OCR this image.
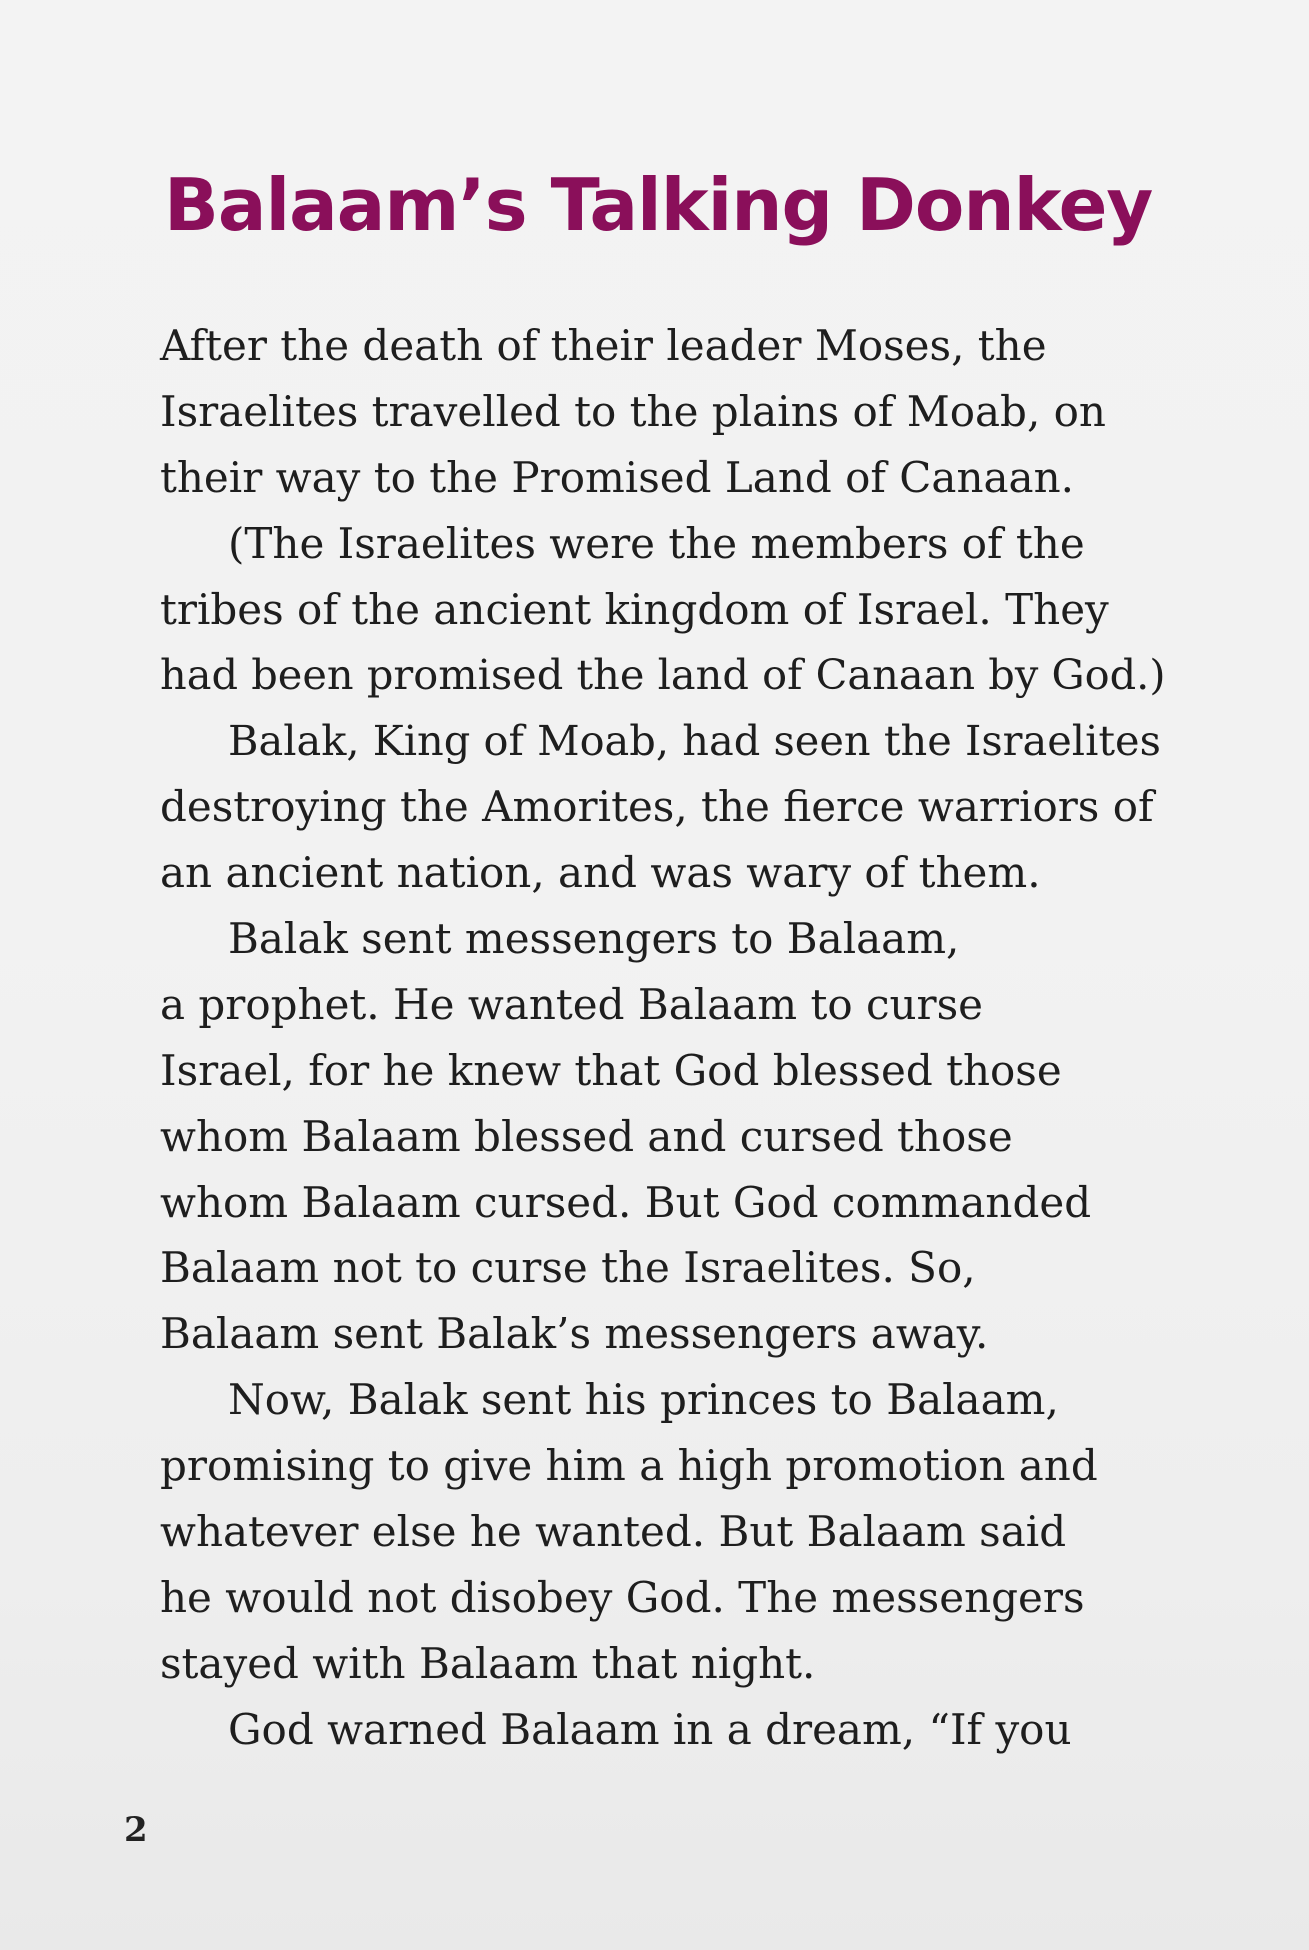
Balaam’s Talking Donkey
After the death of their leader Moses, the
Israelites travelled to the plains of Moab, on
their way to the Promised Land of Canaan.
(The Israelites were the members of the
tribes of the ancient kingdom of Israel. They
had been promised the land of Canaan by God.)
Balak, King of Moab, had seen the Israelites
destroying the Amorites, the fierce warriors of
an ancient nation, and was wary of them.
Balak sent messengers to Balaam,
a prophet. He wanted Balaam to curse
Israel, for he knew that God blessed those
whom Balaam blessed and cursed those
whom Balaam cursed. But God commanded
Balaam not to curse the Israelites. So,
Balaam sent Balak’s messengers away.
Now, Balak sent his princes to Balaam,
promising to give him a high promotion and
whatever else he wanted. But Balaam said
he would not disobey God. The messengers
stayed with Balaam that night.
God warned Balaam in a dream, “If you
2
